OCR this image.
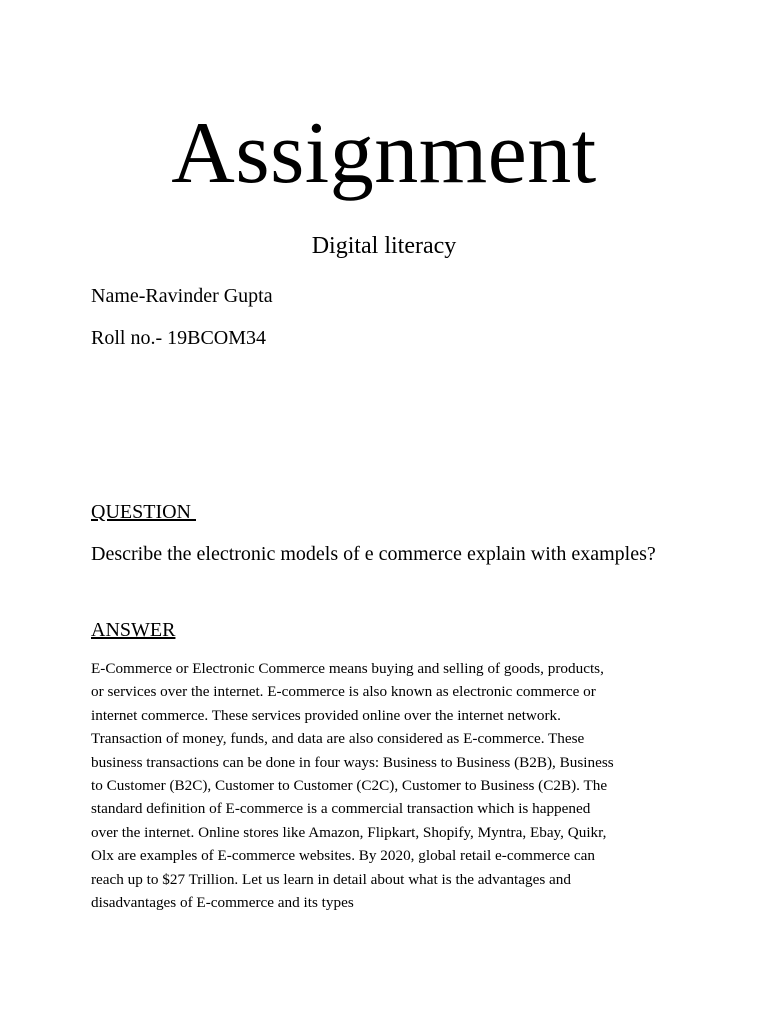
Assignment
Digital literacy

Name-Ravinder Gupta

Roll no.- 19BCOM34

QUESTION

Describe the electronic models of e commerce explain with examples?

ANSWER

E-Commerce or Electronic Commerce means buying and selling of goods, products,
or services over the internet. E-commerce is also known as electronic commerce or
internet commerce. These services provided online over the internet network.
Transaction of money, funds, and data are also considered as E-commerce. These
business transactions can be done in four ways: Business to Business (B2B), Business
to Customer (B2C), Customer to Customer (C2C), Customer to Business (C2B). The
standard definition of E-commerce is a commercial transaction which is happened
over the internet. Online stores like Amazon, Flipkart, Shopify, Myntra, Ebay, Quikr,
Olx are examples of E-commerce websites. By 2020, global retail e-commerce can
reach up to $27 Trillion. Let us learn in detail about what is the advantages and
disadvantages of E-commerce and its types
